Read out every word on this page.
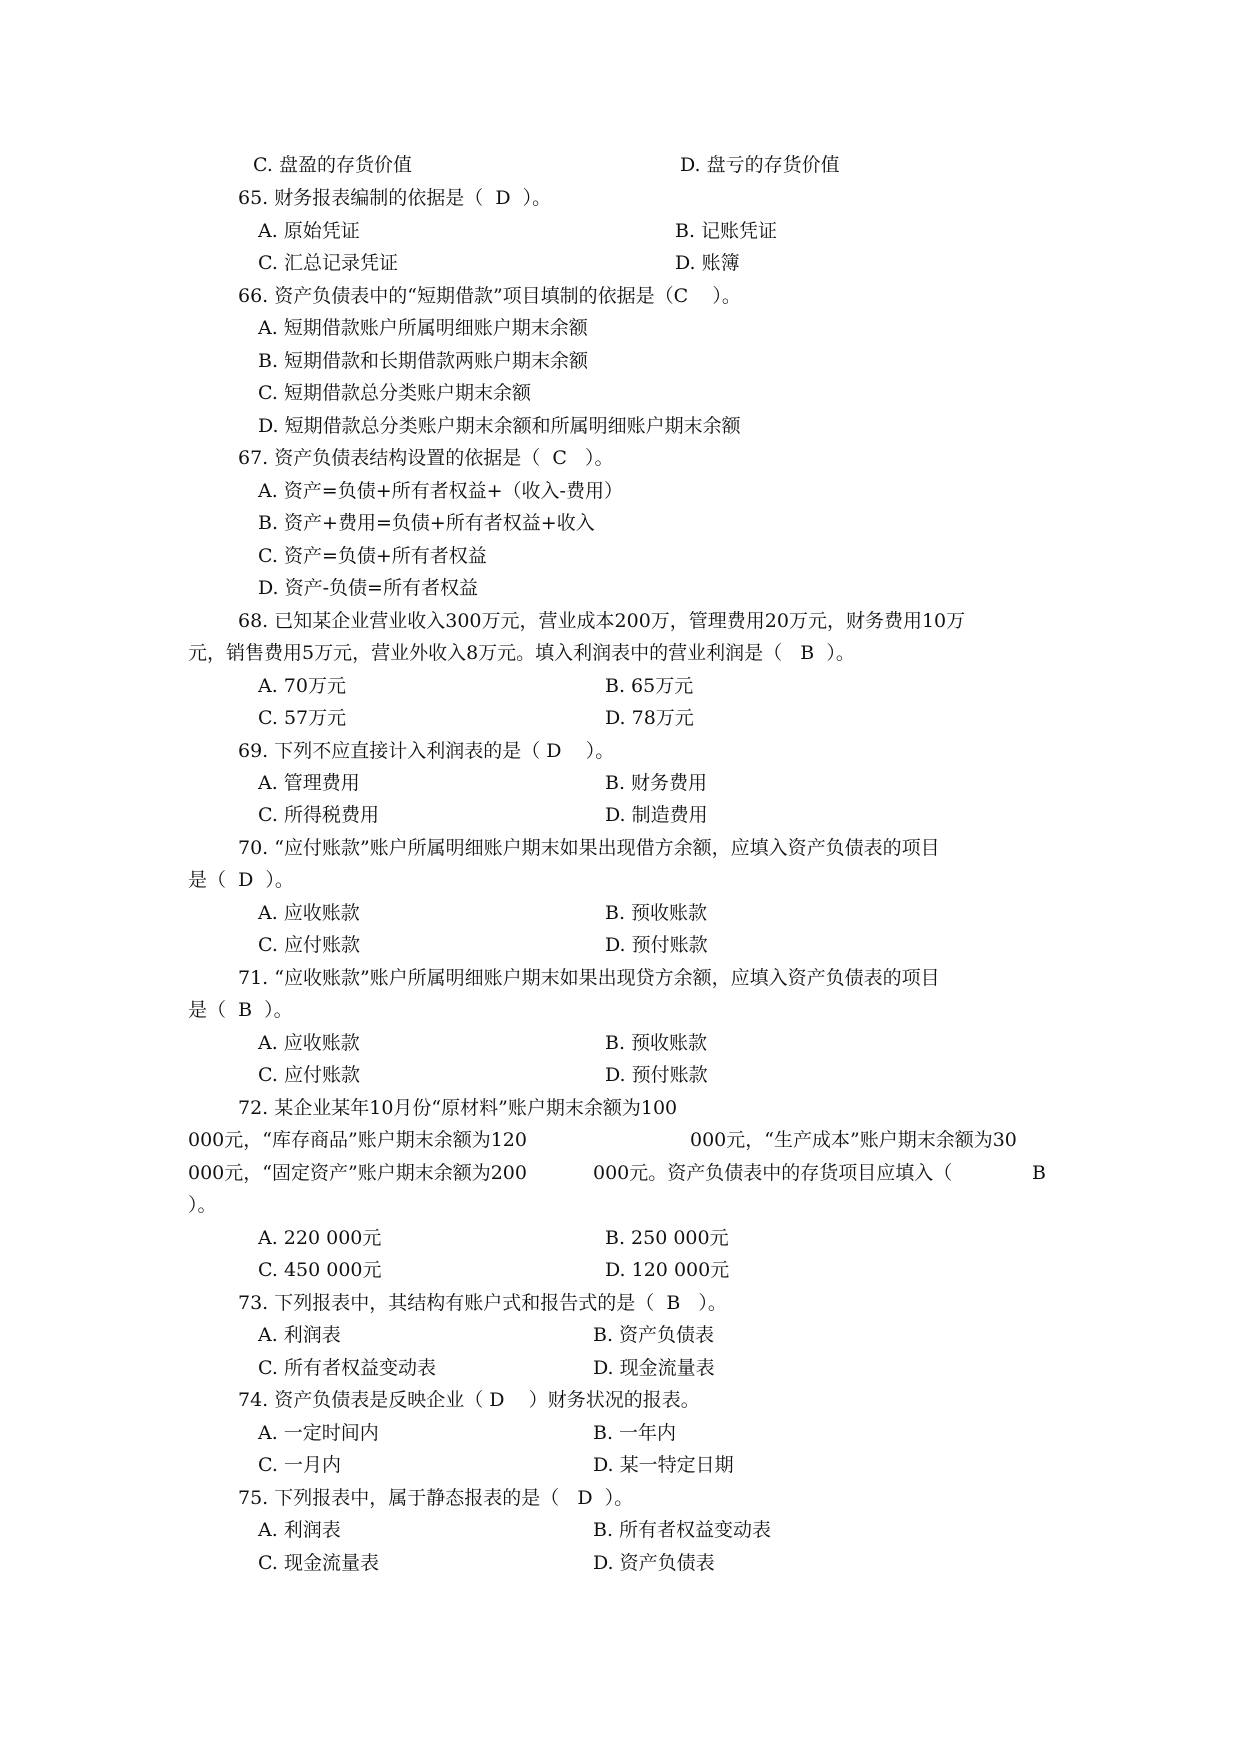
C. 盘盈的存货价值	D. 盘亏的存货价值
65. 财务报表编制的依据是（  D  ）。
A. 原始凭证	B. 记账凭证
C. 汇总记录凭证	D. 账簿
66. 资产负债表中的“短期借款”项目填制的依据是（C    ）。
A. 短期借款账户所属明细账户期末余额
B. 短期借款和长期借款两账户期末余额
C. 短期借款总分类账户期末余额
D. 短期借款总分类账户期末余额和所属明细账户期末余额
67. 资产负债表结构设置的依据是（  C   ）。
A. 资产=负债+所有者权益+（收入-费用）
B. 资产+费用=负债+所有者权益+收入
C. 资产=负债+所有者权益
D. 资产-负债=所有者权益
68. 已知某企业营业收入300万元，营业成本200万，管理费用20万元，财务费用10万
元，销售费用5万元，营业外收入8万元。填入利润表中的营业利润是（   B  ）。
A. 70万元	B. 65万元
C. 57万元	D. 78万元
69. 下列不应直接计入利润表的是（ D    ）。
A. 管理费用	B. 财务费用
C. 所得税费用	D. 制造费用
70. “应付账款”账户所属明细账户期末如果出现借方余额，应填入资产负债表的项目
是（  D  ）。
A. 应收账款	B. 预收账款
C. 应付账款	D. 预付账款
71. “应收账款”账户所属明细账户期末如果出现贷方余额，应填入资产负债表的项目
是（  B  ）。
A. 应收账款	B. 预收账款
C. 应付账款	D. 预付账款
72. 某企业某年10月份“原材料”账户期末余额为100
000元，“库存商品”账户期末余额为120	000元，“生产成本”账户期末余额为30
000元，“固定资产”账户期末余额为200	000元。资产负债表中的存货项目应填入（	B
）。
A. 220 000元	B. 250 000元
C. 450 000元	D. 120 000元
73. 下列报表中，其结构有账户式和报告式的是（  B   ）。
A. 利润表	B. 资产负债表
C. 所有者权益变动表	D. 现金流量表
74. 资产负债表是反映企业（ D    ）财务状况的报表。
A. 一定时间内	B. 一年内
C. 一月内	D. 某一特定日期
75. 下列报表中，属于静态报表的是（   D  ）。
A. 利润表	B. 所有者权益变动表
C. 现金流量表	D. 资产负债表
